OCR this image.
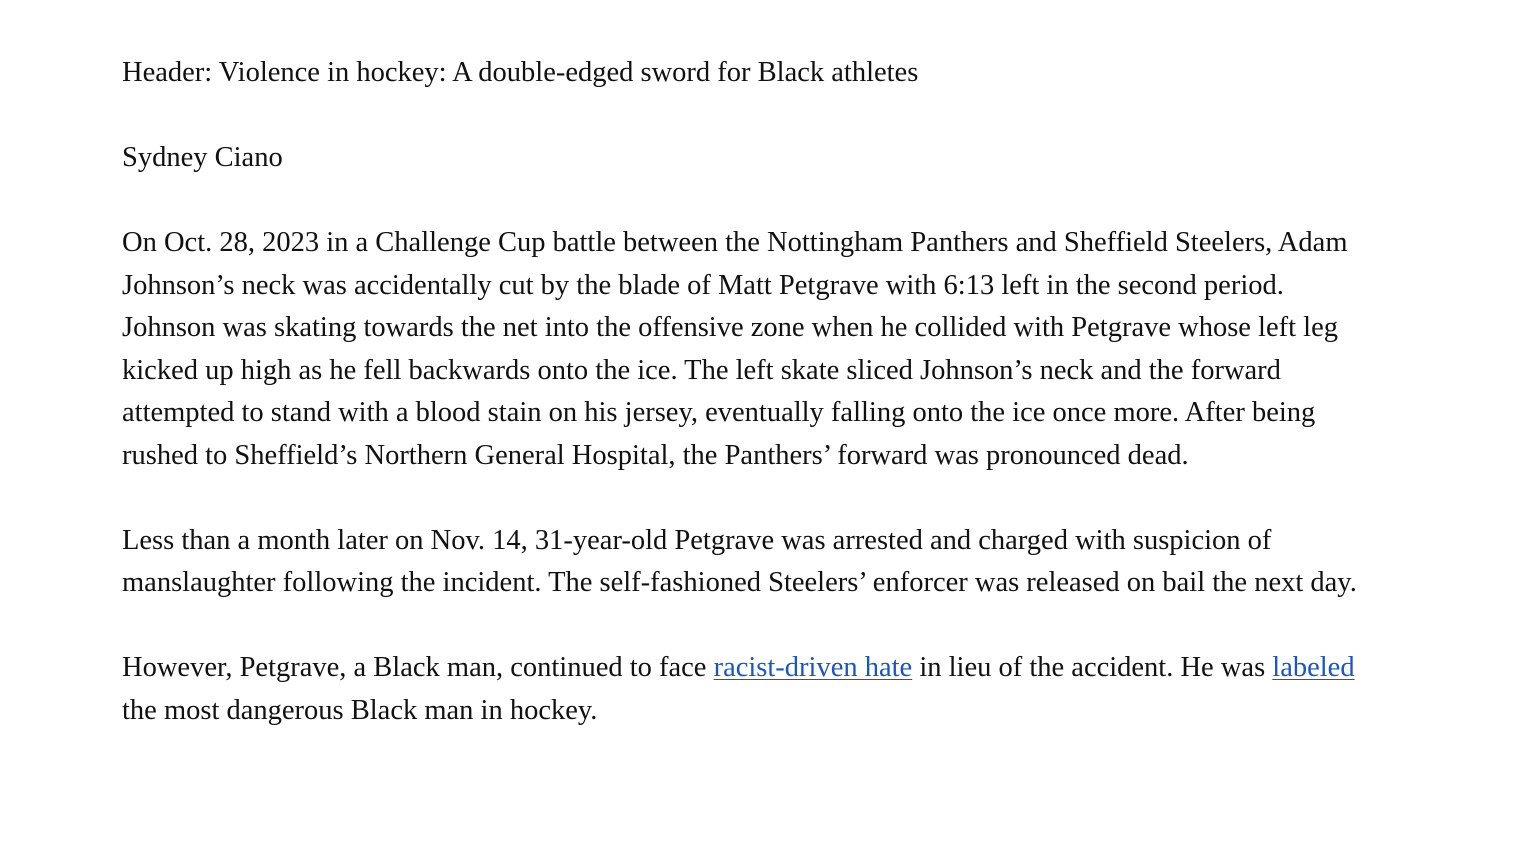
Header: Violence in hockey: A double-edged sword for Black athletes

Sydney Ciano

On Oct. 28, 2023 in a Challenge Cup battle between the Nottingham Panthers and Sheffield Steelers, Adam Johnson’s neck was accidentally cut by the blade of Matt Petgrave with 6:13 left in the second period. Johnson was skating towards the net into the offensive zone when he collided with Petgrave whose left leg kicked up high as he fell backwards onto the ice. The left skate sliced Johnson’s neck and the forward attempted to stand with a blood stain on his jersey, eventually falling onto the ice once more. After being rushed to Sheffield’s Northern General Hospital, the Panthers’ forward was pronounced dead.

Less than a month later on Nov. 14, 31-year-old Petgrave was arrested and charged with suspicion of manslaughter following the incident. The self-fashioned Steelers’ enforcer was released on bail the next day.

However, Petgrave, a Black man, continued to face racist-driven hate in lieu of the accident. He was labeled the most dangerous Black man in hockey.
